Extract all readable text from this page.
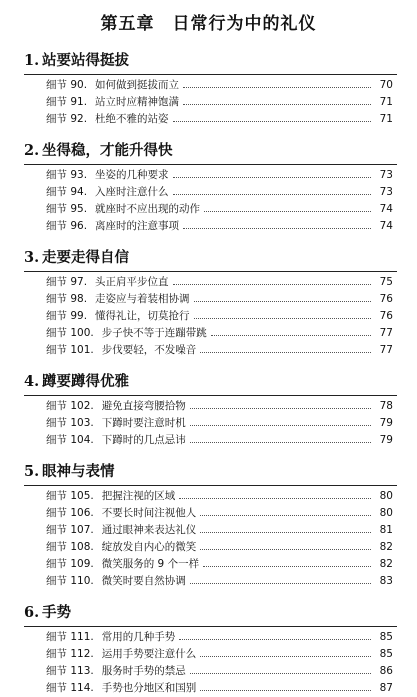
第五章　日常行为中的礼仪
1. 站要站得挺拔
细节 90. 如何做到挺拔而立	70
细节 91. 站立时应精神饱满	71
细节 92. 杜绝不雅的站姿	71
2. 坐得稳，才能升得快
细节 93. 坐姿的几种要求	73
细节 94. 入座时注意什么	73
细节 95. 就座时不应出现的动作	74
细节 96. 离座时的注意事项	74
3. 走要走得自信
细节 97. 头正肩平步位直	75
细节 98. 走姿应与着装相协调	76
细节 99. 懂得礼让，切莫抢行	76
细节 100. 步子快不等于连蹦带跳	77
细节 101. 步伐要轻，不发噪音	77
4. 蹲要蹲得优雅
细节 102. 避免直接弯腰拾物	78
细节 103. 下蹲时要注意时机	79
细节 104. 下蹲时的几点忌讳	79
5. 眼神与表情
细节 105. 把握注视的区域	80
细节 106. 不要长时间注视他人	80
细节 107. 通过眼神来表达礼仪	81
细节 108. 绽放发自内心的微笑	82
细节 109. 微笑服务的 9 个一样	82
细节 110. 微笑时要自然协调	83
6. 手势
细节 111. 常用的几种手势	85
细节 112. 运用手势要注意什么	85
细节 113. 服务时手势的禁忌	86
细节 114. 手势也分地区和国别	87
